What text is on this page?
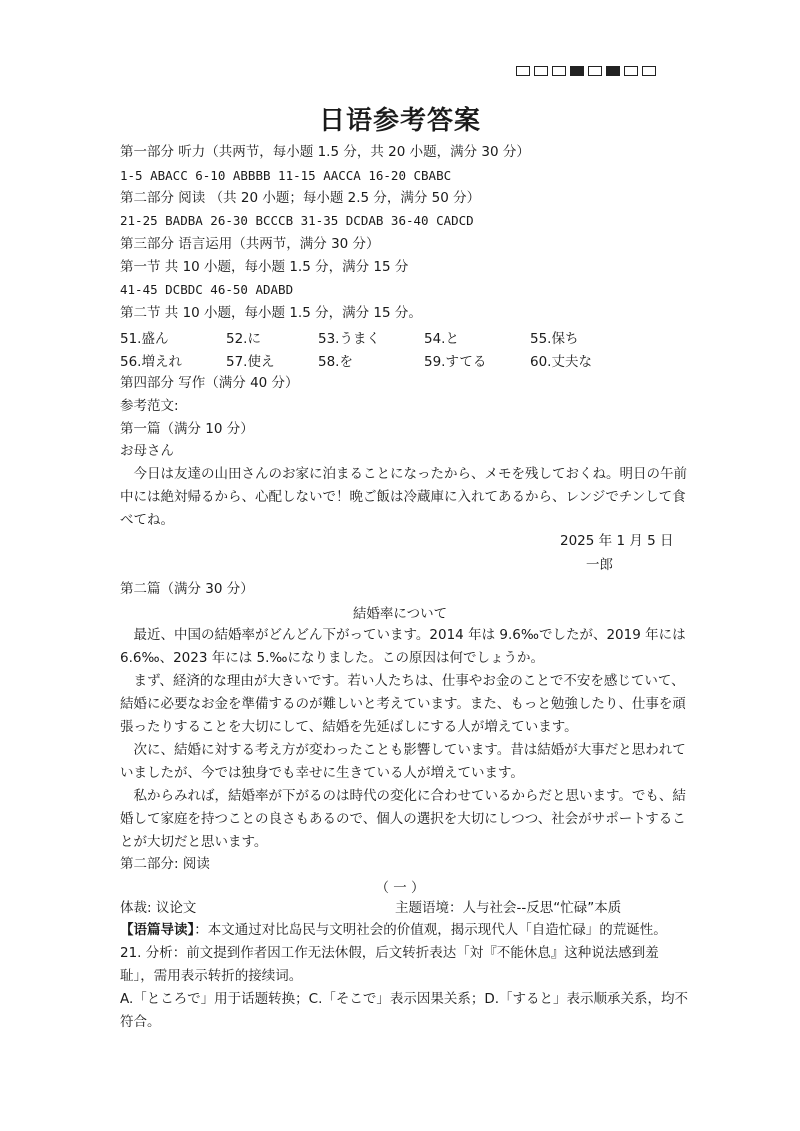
日语参考答案
第一部分 听力（共两节，每小题 1.5 分，共 20 小题，满分 30 分）
1-5 ABACC 6-10 ABBBB 11-15 AACCA 16-20 CBABC
第二部分 阅读 （共 20 小题；每小题 2.5 分，满分 50 分）
21-25 BADBA 26-30 BCCCB 31-35 DCDAB 36-40 CADCD
第三部分 语言运用（共两节，满分 30 分）
第一节 共 10 小题，每小题 1.5 分，满分 15 分
41-45 DCBDC 46-50 ADABD
第二节 共 10 小题，每小题 1.5 分，满分 15 分。
51.盛ん	52.に	53.うまく	54.と	55.保ち
56.増えれ	57.使え	58.を	59.すてる	60.丈夫な
第四部分 写作（满分 40 分）
参考范文:
第一篇（满分 10 分）
お母さん
今日は友達の山田さんのお家に泊まることになったから、メモを残しておくね。明日の午前中には絶対帰るから、心配しないで！晩ご飯は冷蔵庫に入れてあるから、レンジでチンして食べてね。
2025 年 1 月 5 日
一郎
第二篇（满分 30 分）
結婚率について
最近、中国の結婚率がどんどん下がっています。2014 年は 9.6‰でしたが、2019 年には 6.6‰、2023 年には 5.‰になりました。この原因は何でしょうか。
まず、経済的な理由が大きいです。若い人たちは、仕事やお金のことで不安を感じていて、結婚に必要なお金を準備するのが難しいと考えています。また、もっと勉強したり、仕事を頑張ったりすることを大切にして、結婚を先延ばしにする人が増えています。
次に、結婚に対する考え方が変わったことも影響しています。昔は結婚が大事だと思われていましたが、今では独身でも幸せに生きている人が増えています。
私からみれば，結婚率が下がるのは時代の変化に合わせているからだと思います。でも、結婚して家庭を持つことの良さもあるので、個人の選択を大切にしつつ、社会がサポートすることが大切だと思います。
第二部分: 阅读
（ 一 ）
体裁: 议论文	主题语境：人与社会--反思“忙碌”本质
【语篇导读】：本文通过对比岛民与文明社会的价值观，揭示现代人「自造忙碌」的荒诞性。
21. 分析：前文提到作者因工作无法休假，后文转折表达「対『不能休息』这种说法感到羞耻」，需用表示转折的接续词。
A.「ところで」用于话题转换；C.「そこで」表示因果关系；D.「すると」表示顺承关系，均不符合。
